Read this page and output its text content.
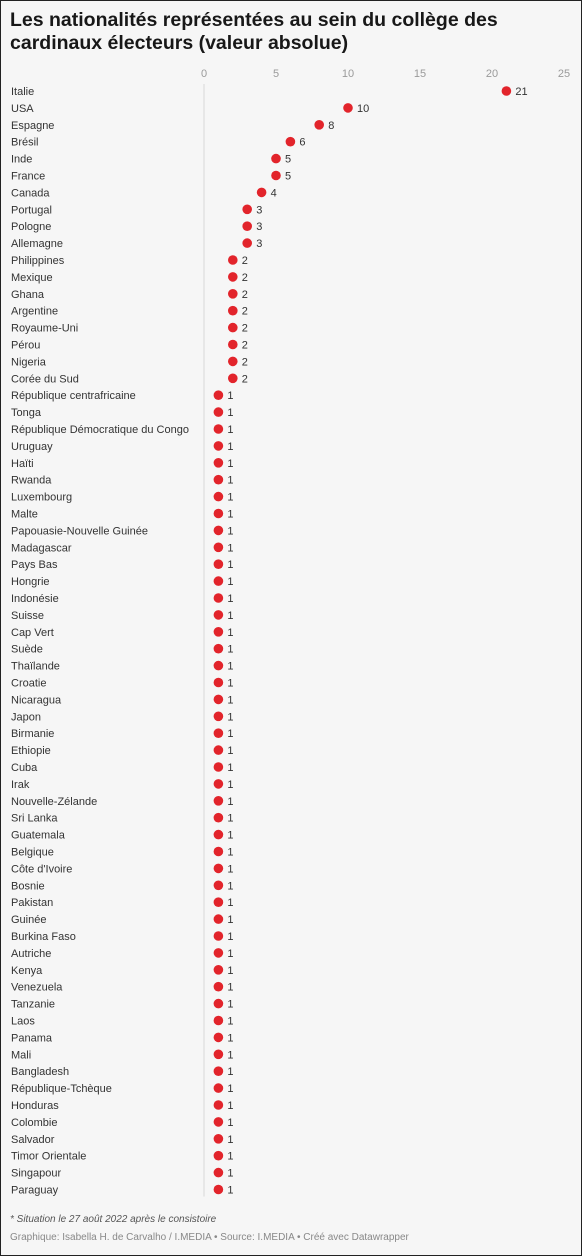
Les nationalités représentées au sein du collège des cardinaux électeurs (valeur absolue)
0	5	10	15	20	25
Italie	21
USA	10
Espagne	8
Brésil	6
Inde	5
France	5
Canada	4
Portugal	3
Pologne	3
Allemagne	3
Philippines	2
Mexique	2
Ghana	2
Argentine	2
Royaume-Uni	2
Pérou	2
Nigeria	2
Corée du Sud	2
République centrafricaine	1
Tonga	1
République Démocratique du Congo	1
Uruguay	1
Haïti	1
Rwanda	1
Luxembourg	1
Malte	1
Papouasie-Nouvelle Guinée	1
Madagascar	1
Pays Bas	1
Hongrie	1
Indonésie	1
Suisse	1
Cap Vert	1
Suède	1
Thaïlande	1
Croatie	1
Nicaragua	1
Japon	1
Birmanie	1
Ethiopie	1
Cuba	1
Irak	1
Nouvelle-Zélande	1
Sri Lanka	1
Guatemala	1
Belgique	1
Côte d'Ivoire	1
Bosnie	1
Pakistan	1
Guinée	1
Burkina Faso	1
Autriche	1
Kenya	1
Venezuela	1
Tanzanie	1
Laos	1
Panama	1
Mali	1
Bangladesh	1
République-Tchèque	1
Honduras	1
Colombie	1
Salvador	1
Timor Orientale	1
Singapour	1
Paraguay	1
* Situation le 27 août 2022 après le consistoire
Graphique: Isabella H. de Carvalho / I.MEDIA • Source: I.MEDIA • Créé avec Datawrapper
